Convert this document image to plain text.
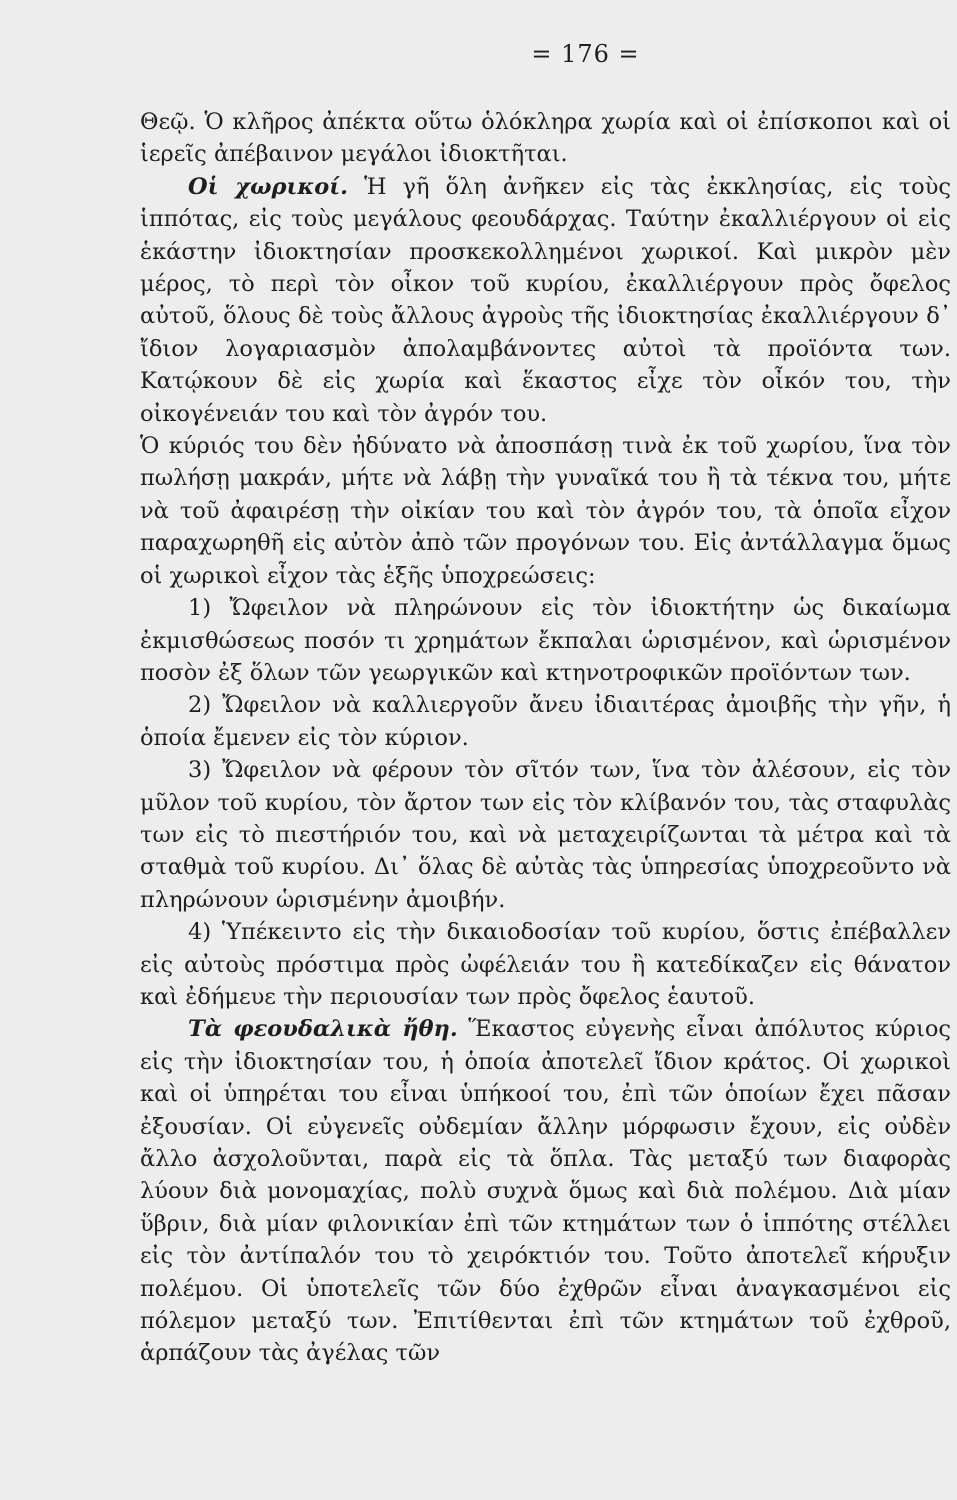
= 176 =

Θεῷ. Ὁ κλῆρος ἀπέκτα οὕτω ὁλόκληρα χωρία καὶ οἱ ἐπίσκοποι καὶ οἱ ἱερεῖς ἀπέβαινον μεγάλοι ἰδιοκτῆται.

Οἱ χωρικοί. Ἡ γῆ ὅλη ἀνῆκεν εἰς τὰς ἐκκλησίας, εἰς τοὺς ἱππότας, εἰς τοὺς μεγάλους φεουδάρχας. Ταύτην ἐκαλλιέργουν οἱ εἰς ἑκάστην ἰδιοκτησίαν προσκεκολλημένοι χωρικοί. Καὶ μικρὸν μὲν μέρος, τὸ περὶ τὸν οἶκον τοῦ κυρίου, ἐκαλλιέργουν πρὸς ὄφελος αὐτοῦ, ὅλους δὲ τοὺς ἄλλους ἀγροὺς τῆς ἰδιοκτησίας ἐκαλλιέργουν δ᾽ ἴδιον λογαριασμὸν ἀπολαμβάνοντες αὐτοὶ τὰ προϊόντα των. Κατῴκουν δὲ εἰς χωρία καὶ ἕκαστος εἶχε τὸν οἶκόν του, τὴν οἰκογένειάν του καὶ τὸν ἀγρόν του.

Ὁ κύριός του δὲν ἠδύνατο νὰ ἀποσπάσῃ τινὰ ἐκ τοῦ χωρίου, ἵνα τὸν πωλήσῃ μακράν, μήτε νὰ λάβῃ τὴν γυναῖκά του ἢ τὰ τέκνα του, μήτε νὰ τοῦ ἀφαιρέσῃ τὴν οἰκίαν του καὶ τὸν ἀγρόν του, τὰ ὁποῖα εἶχον παραχωρηθῆ εἰς αὐτὸν ἀπὸ τῶν προγόνων του. Εἰς ἀντάλλαγμα ὅμως οἱ χωρικοὶ εἶχον τὰς ἑξῆς ὑποχρεώσεις:

1) Ὤφειλον νὰ πληρώνουν εἰς τὸν ἰδιοκτήτην ὡς δικαίωμα ἐκμισθώσεως ποσόν τι χρημάτων ἔκπαλαι ὡρισμένον, καὶ ὡρισμένον ποσὸν ἐξ ὅλων τῶν γεωργικῶν καὶ κτηνοτροφικῶν προϊόντων των.

2) Ὤφειλον νὰ καλλιεργοῦν ἄνευ ἰδιαιτέρας ἀμοιβῆς τὴν γῆν, ἡ ὁποία ἔμενεν εἰς τὸν κύριον.

3) Ὤφειλον νὰ φέρουν τὸν σῖτόν των, ἵνα τὸν ἀλέσουν, εἰς τὸν μῦλον τοῦ κυρίου, τὸν ἄρτον των εἰς τὸν κλίβανόν του, τὰς σταφυλὰς των εἰς τὸ πιεστήριόν του, καὶ νὰ μεταχειρίζωνται τὰ μέτρα καὶ τὰ σταθμὰ τοῦ κυρίου. Δι᾽ ὅλας δὲ αὐτὰς τὰς ὑπηρεσίας ὑποχρεοῦντο νὰ πληρώνουν ὡρισμένην ἀμοιβήν.

4) Ὑπέκειντο εἰς τὴν δικαιοδοσίαν τοῦ κυρίου, ὅστις ἐπέβαλλεν εἰς αὐτοὺς πρόστιμα πρὸς ὠφέλειάν του ἢ κατεδίκαζεν εἰς θάνατον καὶ ἐδήμευε τὴν περιουσίαν των πρὸς ὄφελος ἑαυτοῦ.

Τὰ φεουδαλικὰ ἤθη. Ἕκαστος εὐγενὴς εἶναι ἀπόλυτος κύριος εἰς τὴν ἰδιοκτησίαν του, ἡ ὁποία ἀποτελεῖ ἴδιον κράτος. Οἱ χωρικοὶ καὶ οἱ ὑπηρέται του εἶναι ὑπήκοοί του, ἐπὶ τῶν ὁποίων ἔχει πᾶσαν ἐξουσίαν. Οἱ εὐγενεῖς οὐδεμίαν ἄλλην μόρφωσιν ἔχουν, εἰς οὐδὲν ἄλλο ἀσχολοῦνται, παρὰ εἰς τὰ ὅπλα. Τὰς μεταξύ των διαφορὰς λύουν διὰ μονομαχίας, πολὺ συχνὰ ὅμως καὶ διὰ πολέμου. Διὰ μίαν ὕβριν, διὰ μίαν φιλονικίαν ἐπὶ τῶν κτημάτων των ὁ ἱππότης στέλλει εἰς τὸν ἀντίπαλόν του τὸ χειρόκτιόν του. Τοῦτο ἀποτελεῖ κήρυξιν πολέμου. Οἱ ὑποτελεῖς τῶν δύο ἐχθρῶν εἶναι ἀναγκασμένοι εἰς πόλεμον μεταξύ των. Ἐπιτίθενται ἐπὶ τῶν κτημάτων τοῦ ἐχθροῦ, ἁρπάζουν τὰς ἀγέλας τῶν
